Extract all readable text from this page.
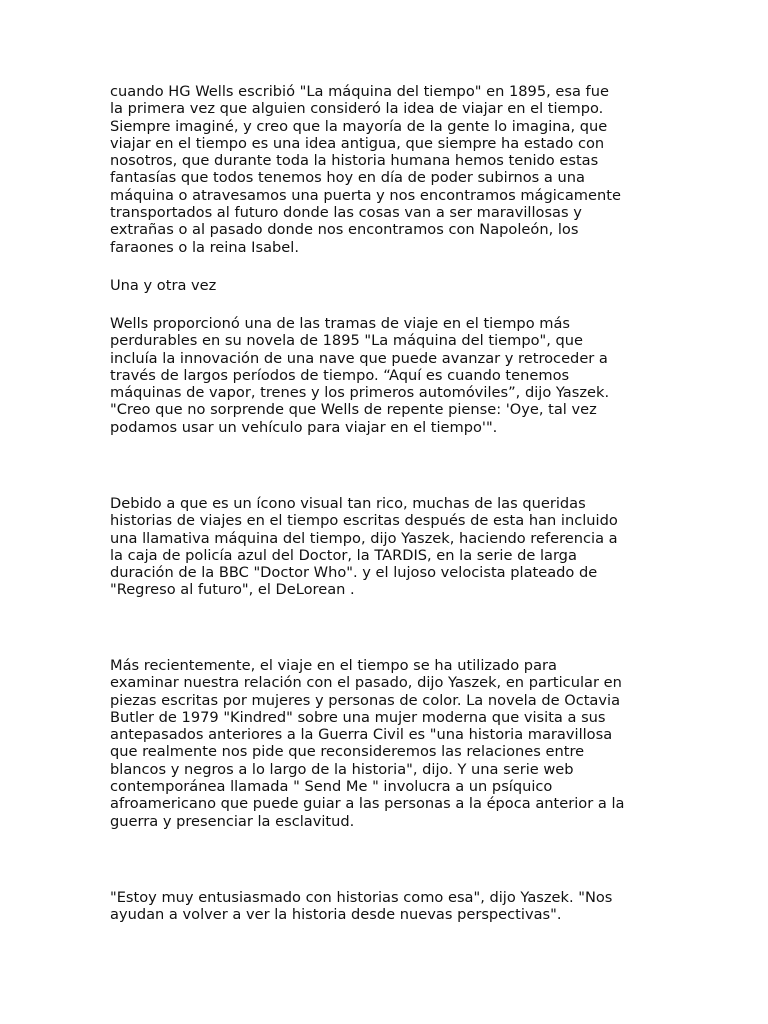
cuando HG Wells escribió "La máquina del tiempo" en 1895, esa fue
la primera vez que alguien consideró la idea de viajar en el tiempo.
Siempre imaginé, y creo que la mayoría de la gente lo imagina, que
viajar en el tiempo es una idea antigua, que siempre ha estado con
nosotros, que durante toda la historia humana hemos tenido estas
fantasías que todos tenemos hoy en día de poder subirnos a una
máquina o atravesamos una puerta y nos encontramos mágicamente
transportados al futuro donde las cosas van a ser maravillosas y
extrañas o al pasado donde nos encontramos con Napoleón, los
faraones o la reina Isabel.

Una y otra vez

Wells proporcionó una de las tramas de viaje en el tiempo más
perdurables en su novela de 1895 "La máquina del tiempo", que
incluía la innovación de una nave que puede avanzar y retroceder a
través de largos períodos de tiempo. “Aquí es cuando tenemos
máquinas de vapor, trenes y los primeros automóviles”, dijo Yaszek.
"Creo que no sorprende que Wells de repente piense: 'Oye, tal vez
podamos usar un vehículo para viajar en el tiempo'".

Debido a que es un ícono visual tan rico, muchas de las queridas
historias de viajes en el tiempo escritas después de esta han incluido
una llamativa máquina del tiempo, dijo Yaszek, haciendo referencia a
la caja de policía azul del Doctor, la TARDIS, en la serie de larga
duración de la BBC "Doctor Who". y el lujoso velocista plateado de
"Regreso al futuro", el DeLorean .

Más recientemente, el viaje en el tiempo se ha utilizado para
examinar nuestra relación con el pasado, dijo Yaszek, en particular en
piezas escritas por mujeres y personas de color. La novela de Octavia
Butler de 1979 "Kindred" sobre una mujer moderna que visita a sus
antepasados anteriores a la Guerra Civil es "una historia maravillosa
que realmente nos pide que reconsideremos las relaciones entre
blancos y negros a lo largo de la historia", dijo. Y una serie web
contemporánea llamada " Send Me " involucra a un psíquico
afroamericano que puede guiar a las personas a la época anterior a la
guerra y presenciar la esclavitud.

"Estoy muy entusiasmado con historias como esa", dijo Yaszek. "Nos
ayudan a volver a ver la historia desde nuevas perspectivas".
